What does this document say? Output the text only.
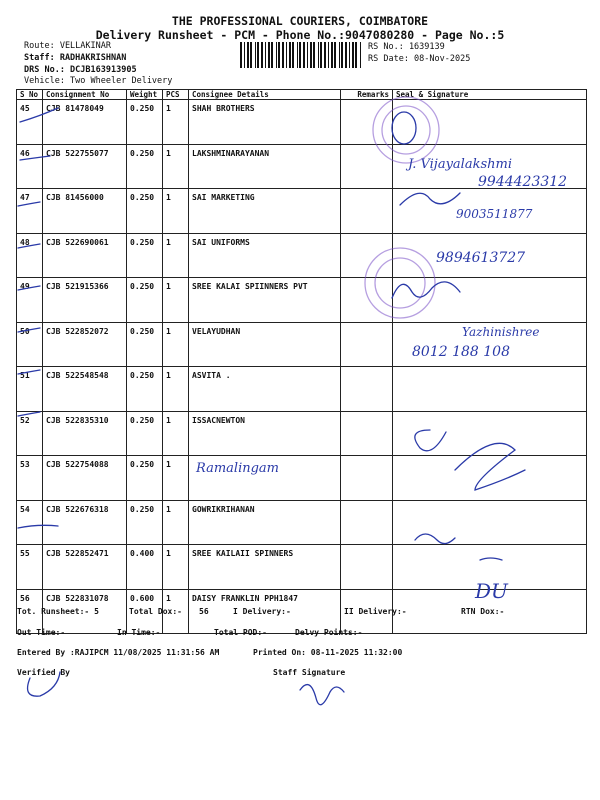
THE PROFESSIONAL COURIERS, COIMBATORE
Delivery Runsheet - PCM - Phone No.:9047080280 - Page No.:5
Route: VELLAKINAR
Staff: RADHAKRISHNAN
DRS No.: DCJB163913905
Vehicle: Two Wheeler Delivery
RS No.: 1639139
RS Date: 08-Nov-2025
S No	Consignment No	Weight	PCS	Consignee Details	Remarks	Seal & Signature
45	CJB 81478049	0.250	1	SHAH BROTHERS		
46	CJB 522755077	0.250	1	LAKSHMINARAYANAN		
47	CJB 81456000	0.250	1	SAI MARKETING		
48	CJB 522690061	0.250	1	SAI UNIFORMS		
49	CJB 521915366	0.250	1	SREE KALAI SPIINNERS PVT		
50	CJB 522852072	0.250	1	VELAYUDHAN		
51	CJB 522548548	0.250	1	ASVITA .		
52	CJB 522835310	0.250	1	ISSACNEWTON		
53	CJB 522754088	0.250	1			
54	CJB 522676318	0.250	1	GOWRIKRIHANAN		
55	CJB 522852471	0.400	1	SREE KAILAII SPINNERS		
56	CJB 522831078	0.600	1	DAISY FRANKLIN PPH1847		
Tot. Runsheet:- 5	Total Dox:- 56	I Delivery:-	II Delivery:-	RTN Dox:-
Out Time:-	In Time:-	Total POD:-	Delvy Points:-
Entered By :RAJIPCM 11/08/2025 11:31:56 AM	Printed On: 08-11-2025 11:32:00
Verified By	Staff Signature
J. Vijayalakshmi
9944423312
9003511877
9894613727
Yazhinishree
8012 188 108
Ramalingam
DU
